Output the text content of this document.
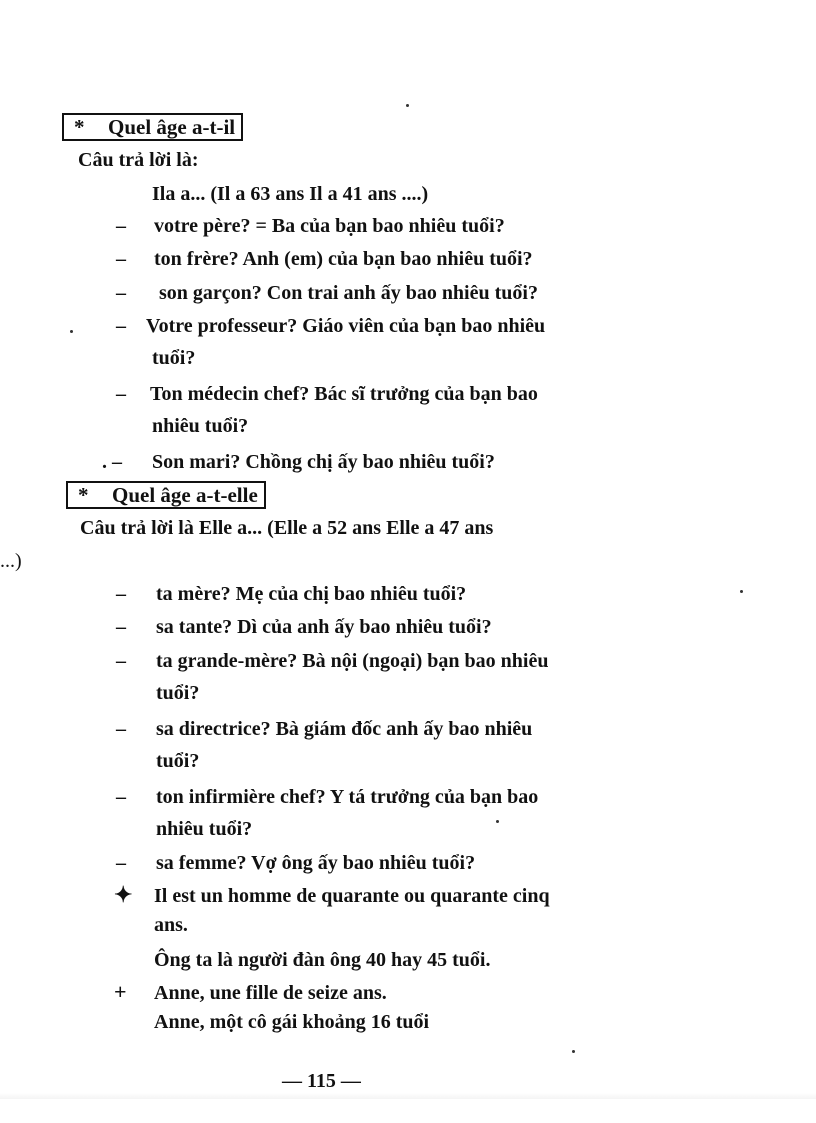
* Quel âge a-t-il
Câu trả lời là:
Ila a... (Il a 63 ans Il a 41 ans ....)
– votre père? = Ba của bạn bao nhiêu tuổi?
– ton frère? Anh (em) của bạn bao nhiêu tuổi?
– son garçon? Con trai anh ấy bao nhiêu tuổi?
– Votre professeur? Giáo viên của bạn bao nhiêu
tuổi?
– Ton médecin chef? Bác sĩ trưởng của bạn bao
nhiêu tuổi?
. – Son mari? Chồng chị ấy bao nhiêu tuổi?
* Quel âge a-t-elle
Câu trả lời là Elle a... (Elle a 52 ans Elle a 47 ans
...)
– ta mère? Mẹ của chị bao nhiêu tuổi?
– sa tante? Dì của anh ấy bao nhiêu tuổi?
– ta grande-mère? Bà nội (ngoại) bạn bao nhiêu
tuổi?
– sa directrice? Bà giám đốc anh ấy bao nhiêu
tuổi?
– ton infirmière chef? Y tá trưởng của bạn bao
nhiêu tuổi?
– sa femme? Vợ ông ấy bao nhiêu tuổi?
✦ Il est un homme de quarante ou quarante cinq
ans.
Ông ta là người đàn ông 40 hay 45 tuổi.
+ Anne, une fille de seize ans.
Anne, một cô gái khoảng 16 tuổi
— 115 —
